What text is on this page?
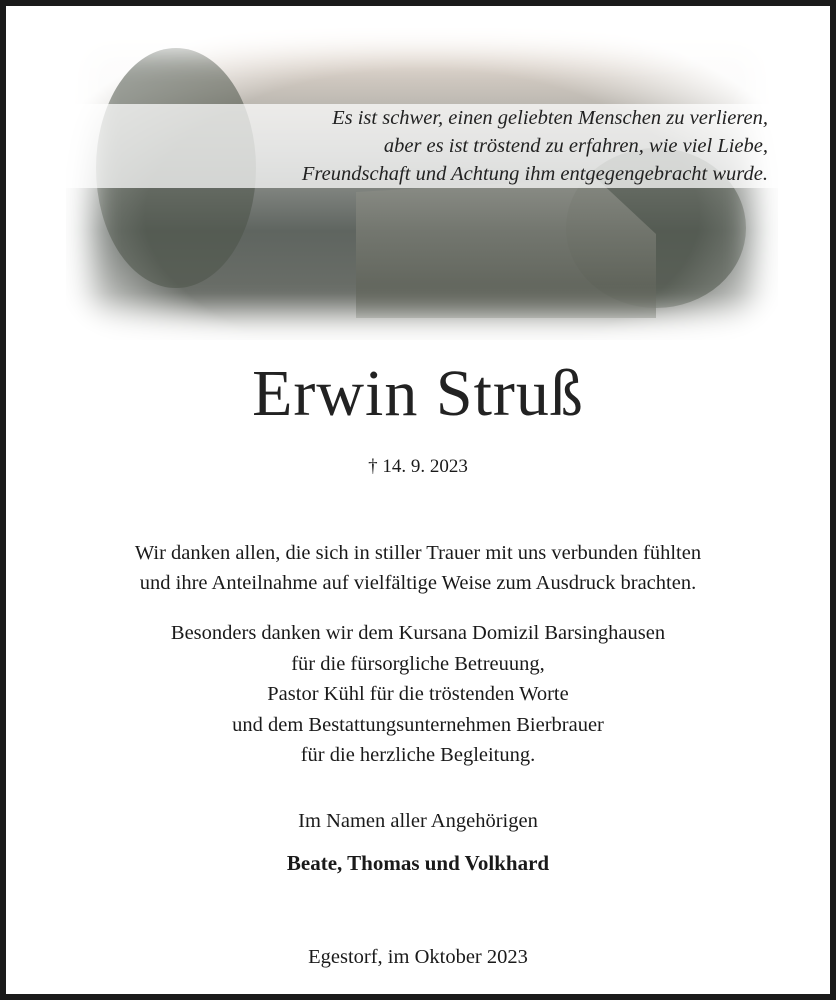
Es ist schwer, einen geliebten Menschen zu verlieren,
aber es ist tröstend zu erfahren, wie viel Liebe,
Freundschaft und Achtung ihm entgegengebracht wurde.
Erwin Struß
† 14. 9. 2023
Wir danken allen, die sich in stiller Trauer mit uns verbunden fühlten
und ihre Anteilnahme auf vielfältige Weise zum Ausdruck brachten.
Besonders danken wir dem Kursana Domizil Barsinghausen
für die fürsorgliche Betreuung,
Pastor Kühl für die tröstenden Worte
und dem Bestattungsunternehmen Bierbrauer
für die herzliche Begleitung.
Im Namen aller Angehörigen
Beate, Thomas und Volkhard
Egestorf, im Oktober 2023
